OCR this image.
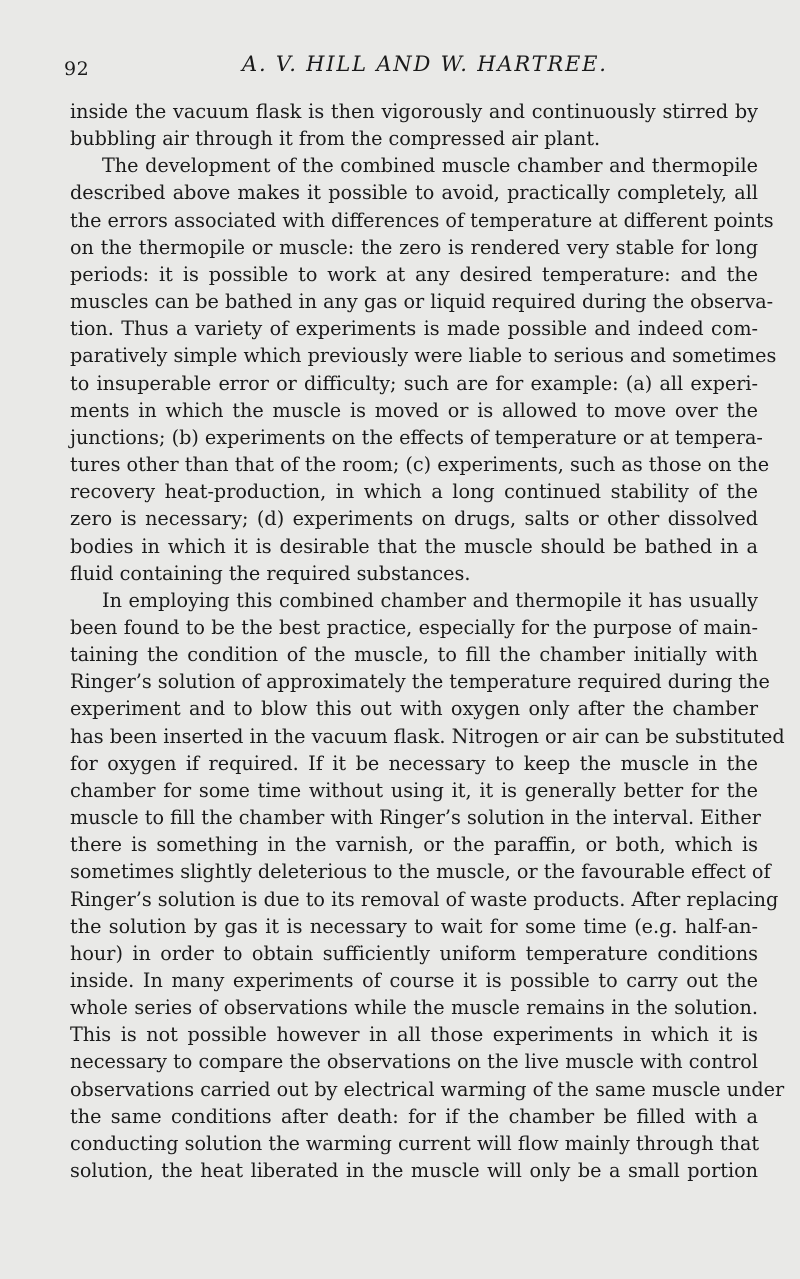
92	A. V. HILL AND W. HARTREE.
inside the vacuum flask is then vigorously and continuously stirred by
bubbling air through it from the compressed air plant.
The development of the combined muscle chamber and thermopile
described above makes it possible to avoid, practically completely, all
the errors associated with differences of temperature at different points
on the thermopile or muscle: the zero is rendered very stable for long
periods: it is possible to work at any desired temperature: and the
muscles can be bathed in any gas or liquid required during the observa-
tion. Thus a variety of experiments is made possible and indeed com-
paratively simple which previously were liable to serious and sometimes
to insuperable error or difficulty; such are for example: (a) all experi-
ments in which the muscle is moved or is allowed to move over the
junctions; (b) experiments on the effects of temperature or at tempera-
tures other than that of the room; (c) experiments, such as those on the
recovery heat-production, in which a long continued stability of the
zero is necessary; (d) experiments on drugs, salts or other dissolved
bodies in which it is desirable that the muscle should be bathed in a
fluid containing the required substances.
In employing this combined chamber and thermopile it has usually
been found to be the best practice, especially for the purpose of main-
taining the condition of the muscle, to fill the chamber initially with
Ringer’s solution of approximately the temperature required during the
experiment and to blow this out with oxygen only after the chamber
has been inserted in the vacuum flask. Nitrogen or air can be substituted
for oxygen if required. If it be necessary to keep the muscle in the
chamber for some time without using it, it is generally better for the
muscle to fill the chamber with Ringer’s solution in the interval. Either
there is something in the varnish, or the paraffin, or both, which is
sometimes slightly deleterious to the muscle, or the favourable effect of
Ringer’s solution is due to its removal of waste products. After replacing
the solution by gas it is necessary to wait for some time (e.g. half-an-
hour) in order to obtain sufficiently uniform temperature conditions
inside. In many experiments of course it is possible to carry out the
whole series of observations while the muscle remains in the solution.
This is not possible however in all those experiments in which it is
necessary to compare the observations on the live muscle with control
observations carried out by electrical warming of the same muscle under
the same conditions after death: for if the chamber be filled with a
conducting solution the warming current will flow mainly through that
solution, the heat liberated in the muscle will only be a small portion
